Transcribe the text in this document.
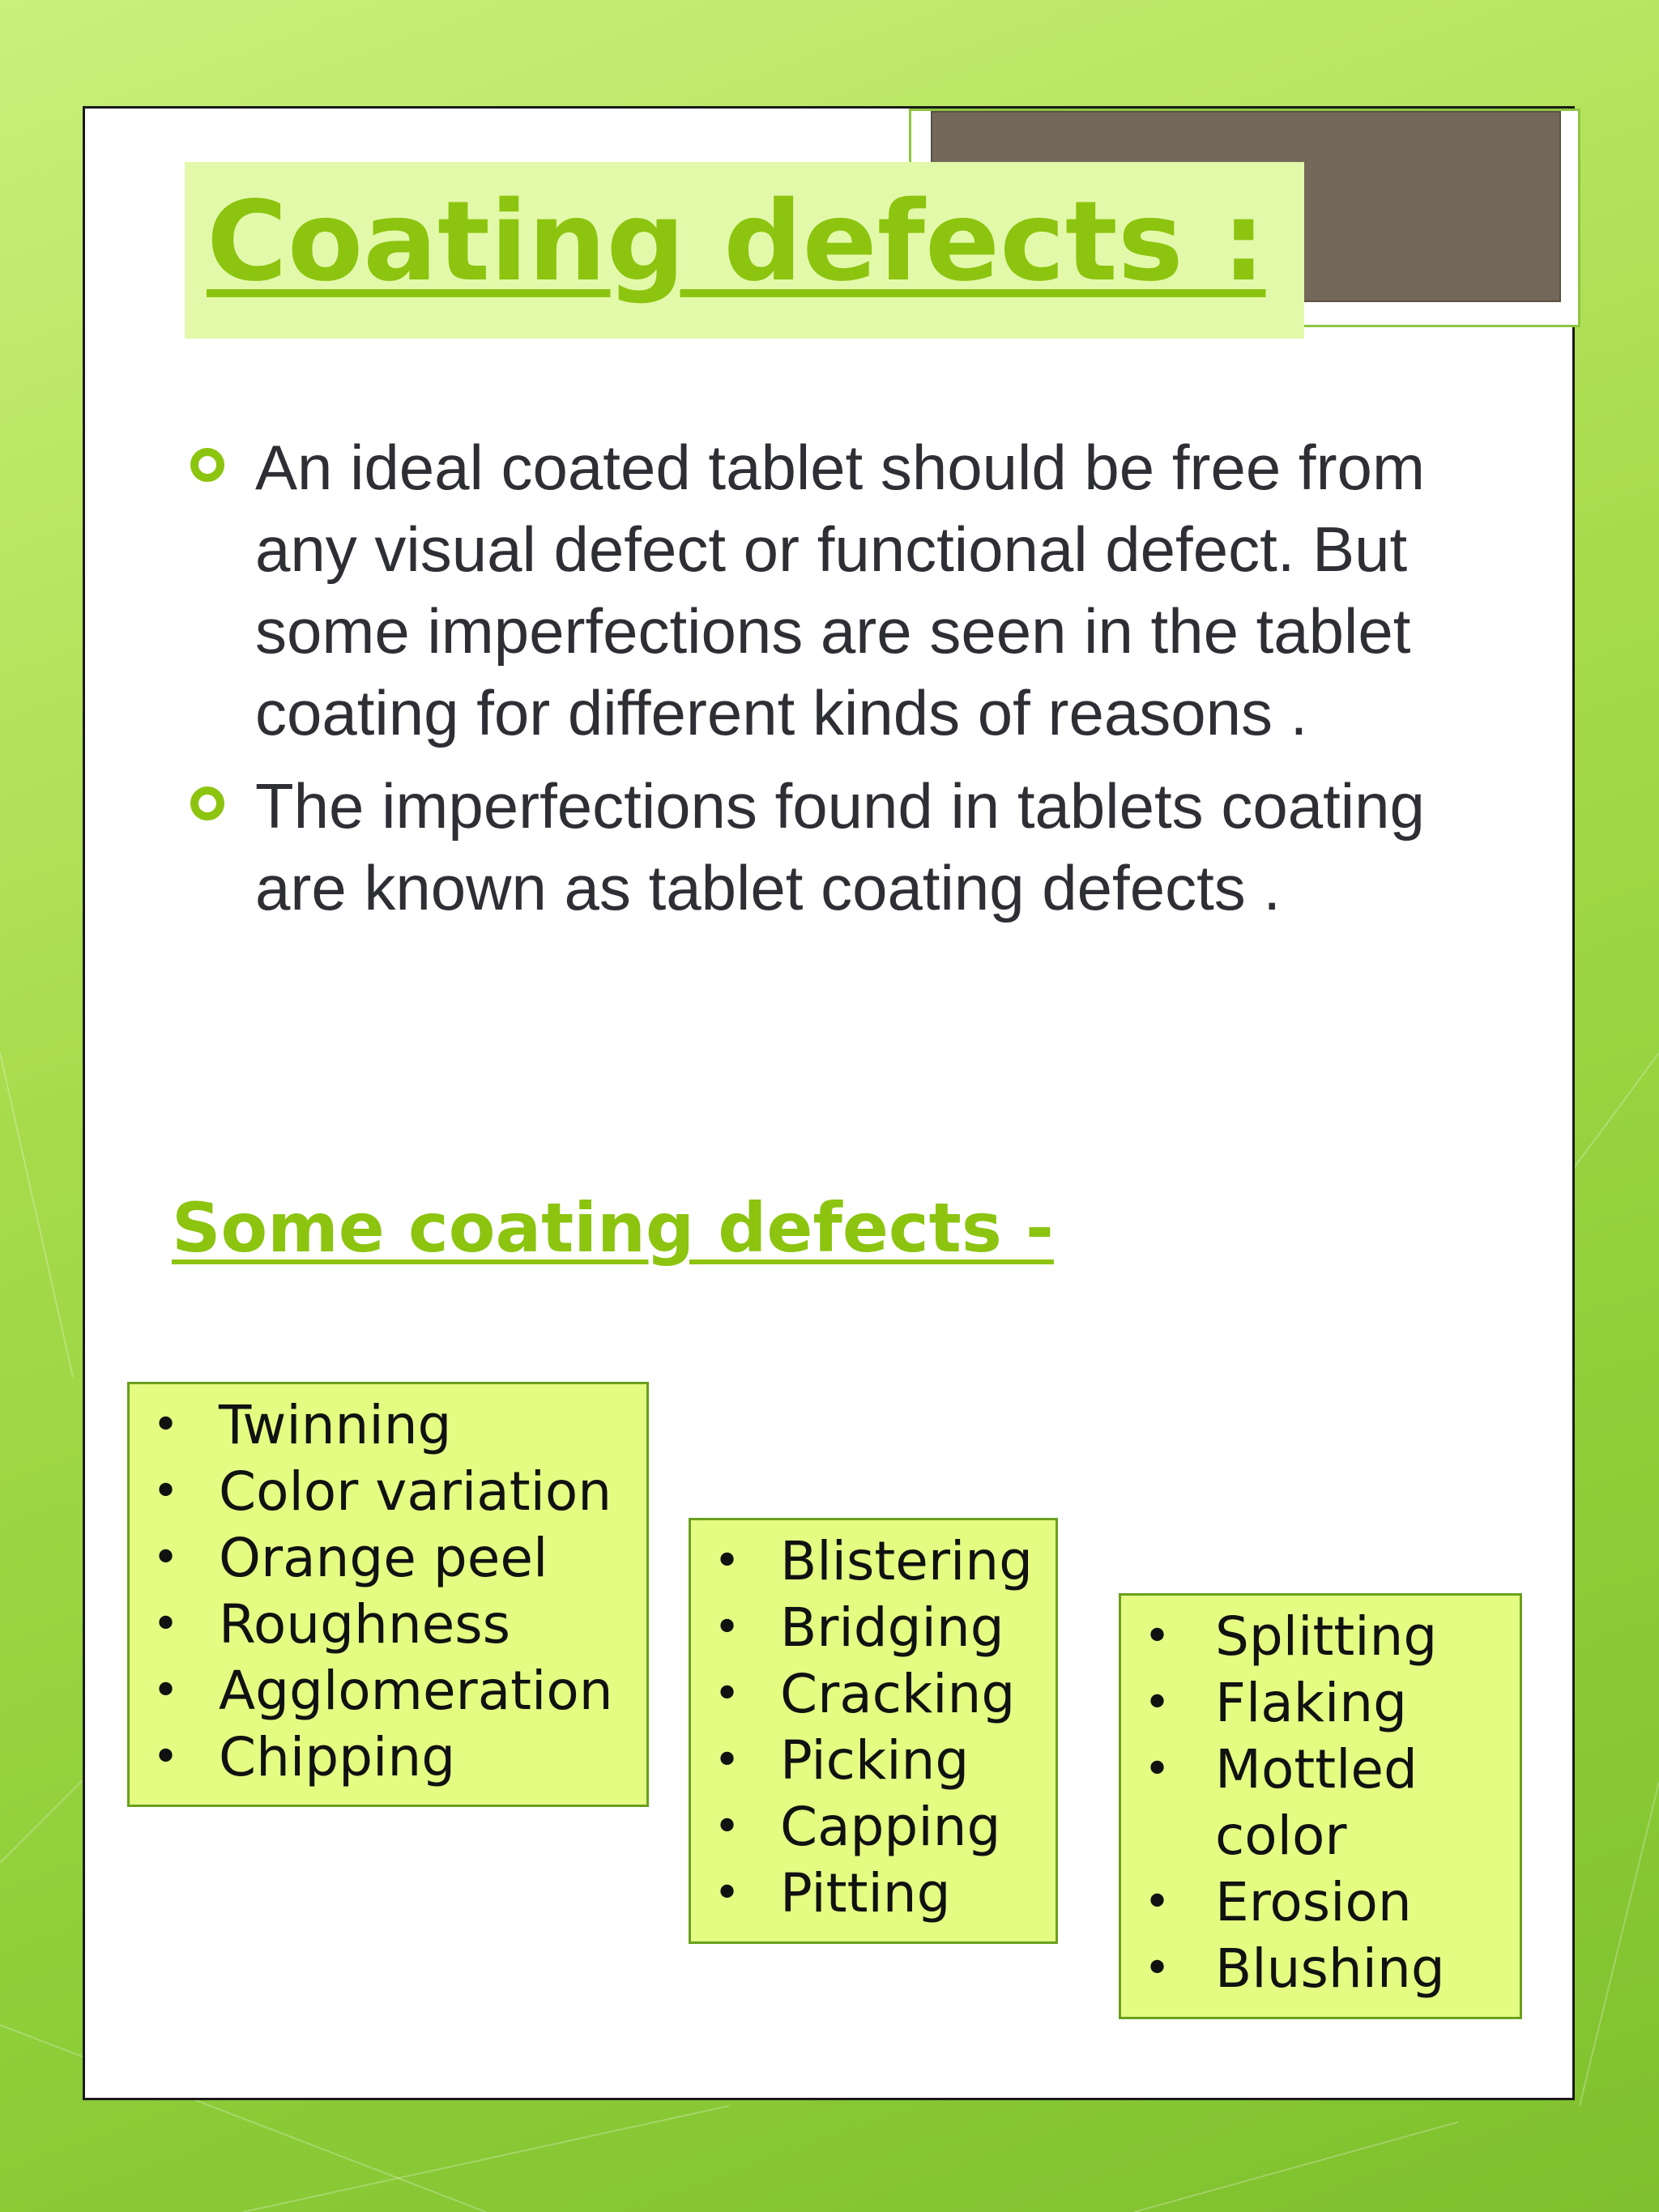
Coating defects :

An ideal coated tablet should be free from any visual defect or functional defect. But some imperfections are seen in the tablet coating for different kinds of reasons .

The imperfections found in tablets coating are known as tablet coating defects .

Some coating defects -
• Twinning
• Color variation
• Orange peel
• Roughness
• Agglomeration
• Chipping
• Blistering
• Bridging
• Cracking
• Picking
• Capping
• Pitting
• Splitting
• Flaking
• Mottled color
• Erosion
• Blushing
